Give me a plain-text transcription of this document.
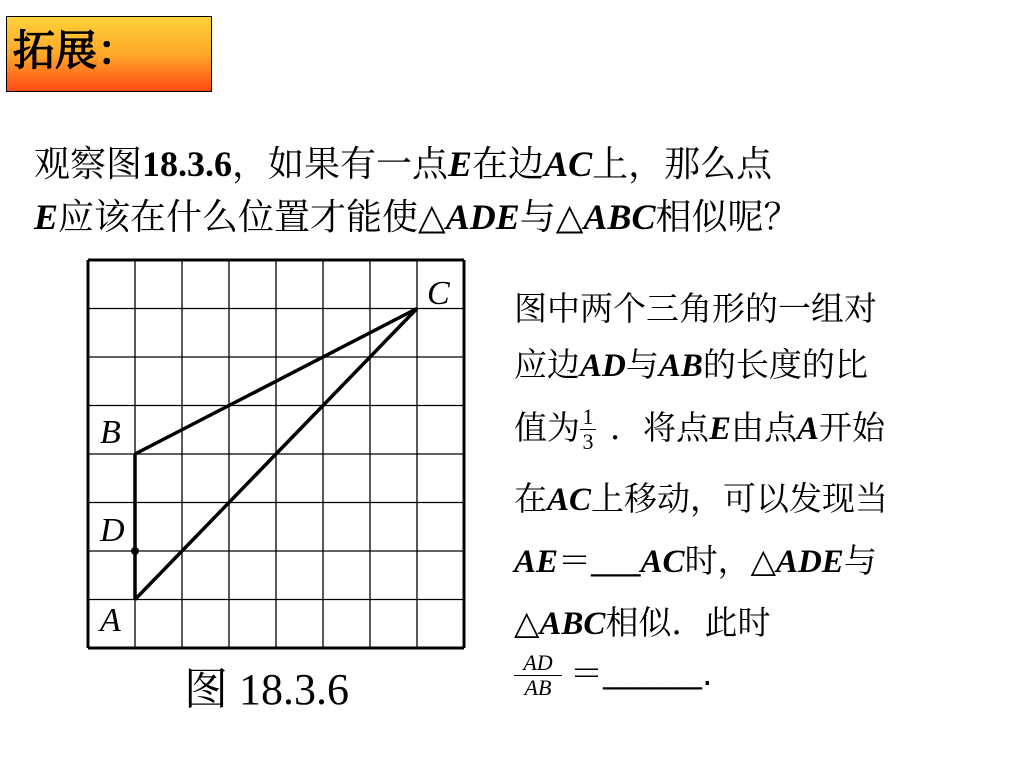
拓展：
观察图18.3.6，如果有一点E在边AC上，那么点
E应该在什么位置才能使△ADE与△ABC相似呢？
C
B
D
A
图 18.3.6
图中两个三角形的一组对
应边AD与AB的长度的比
值为 $\frac{1}{3}$ ．将点E由点A开始
在AC上移动，可以发现当
AE＝___AC时，△ADE与
△ABC相似．此时
$\frac{AD}{AB}$ ＝______.
